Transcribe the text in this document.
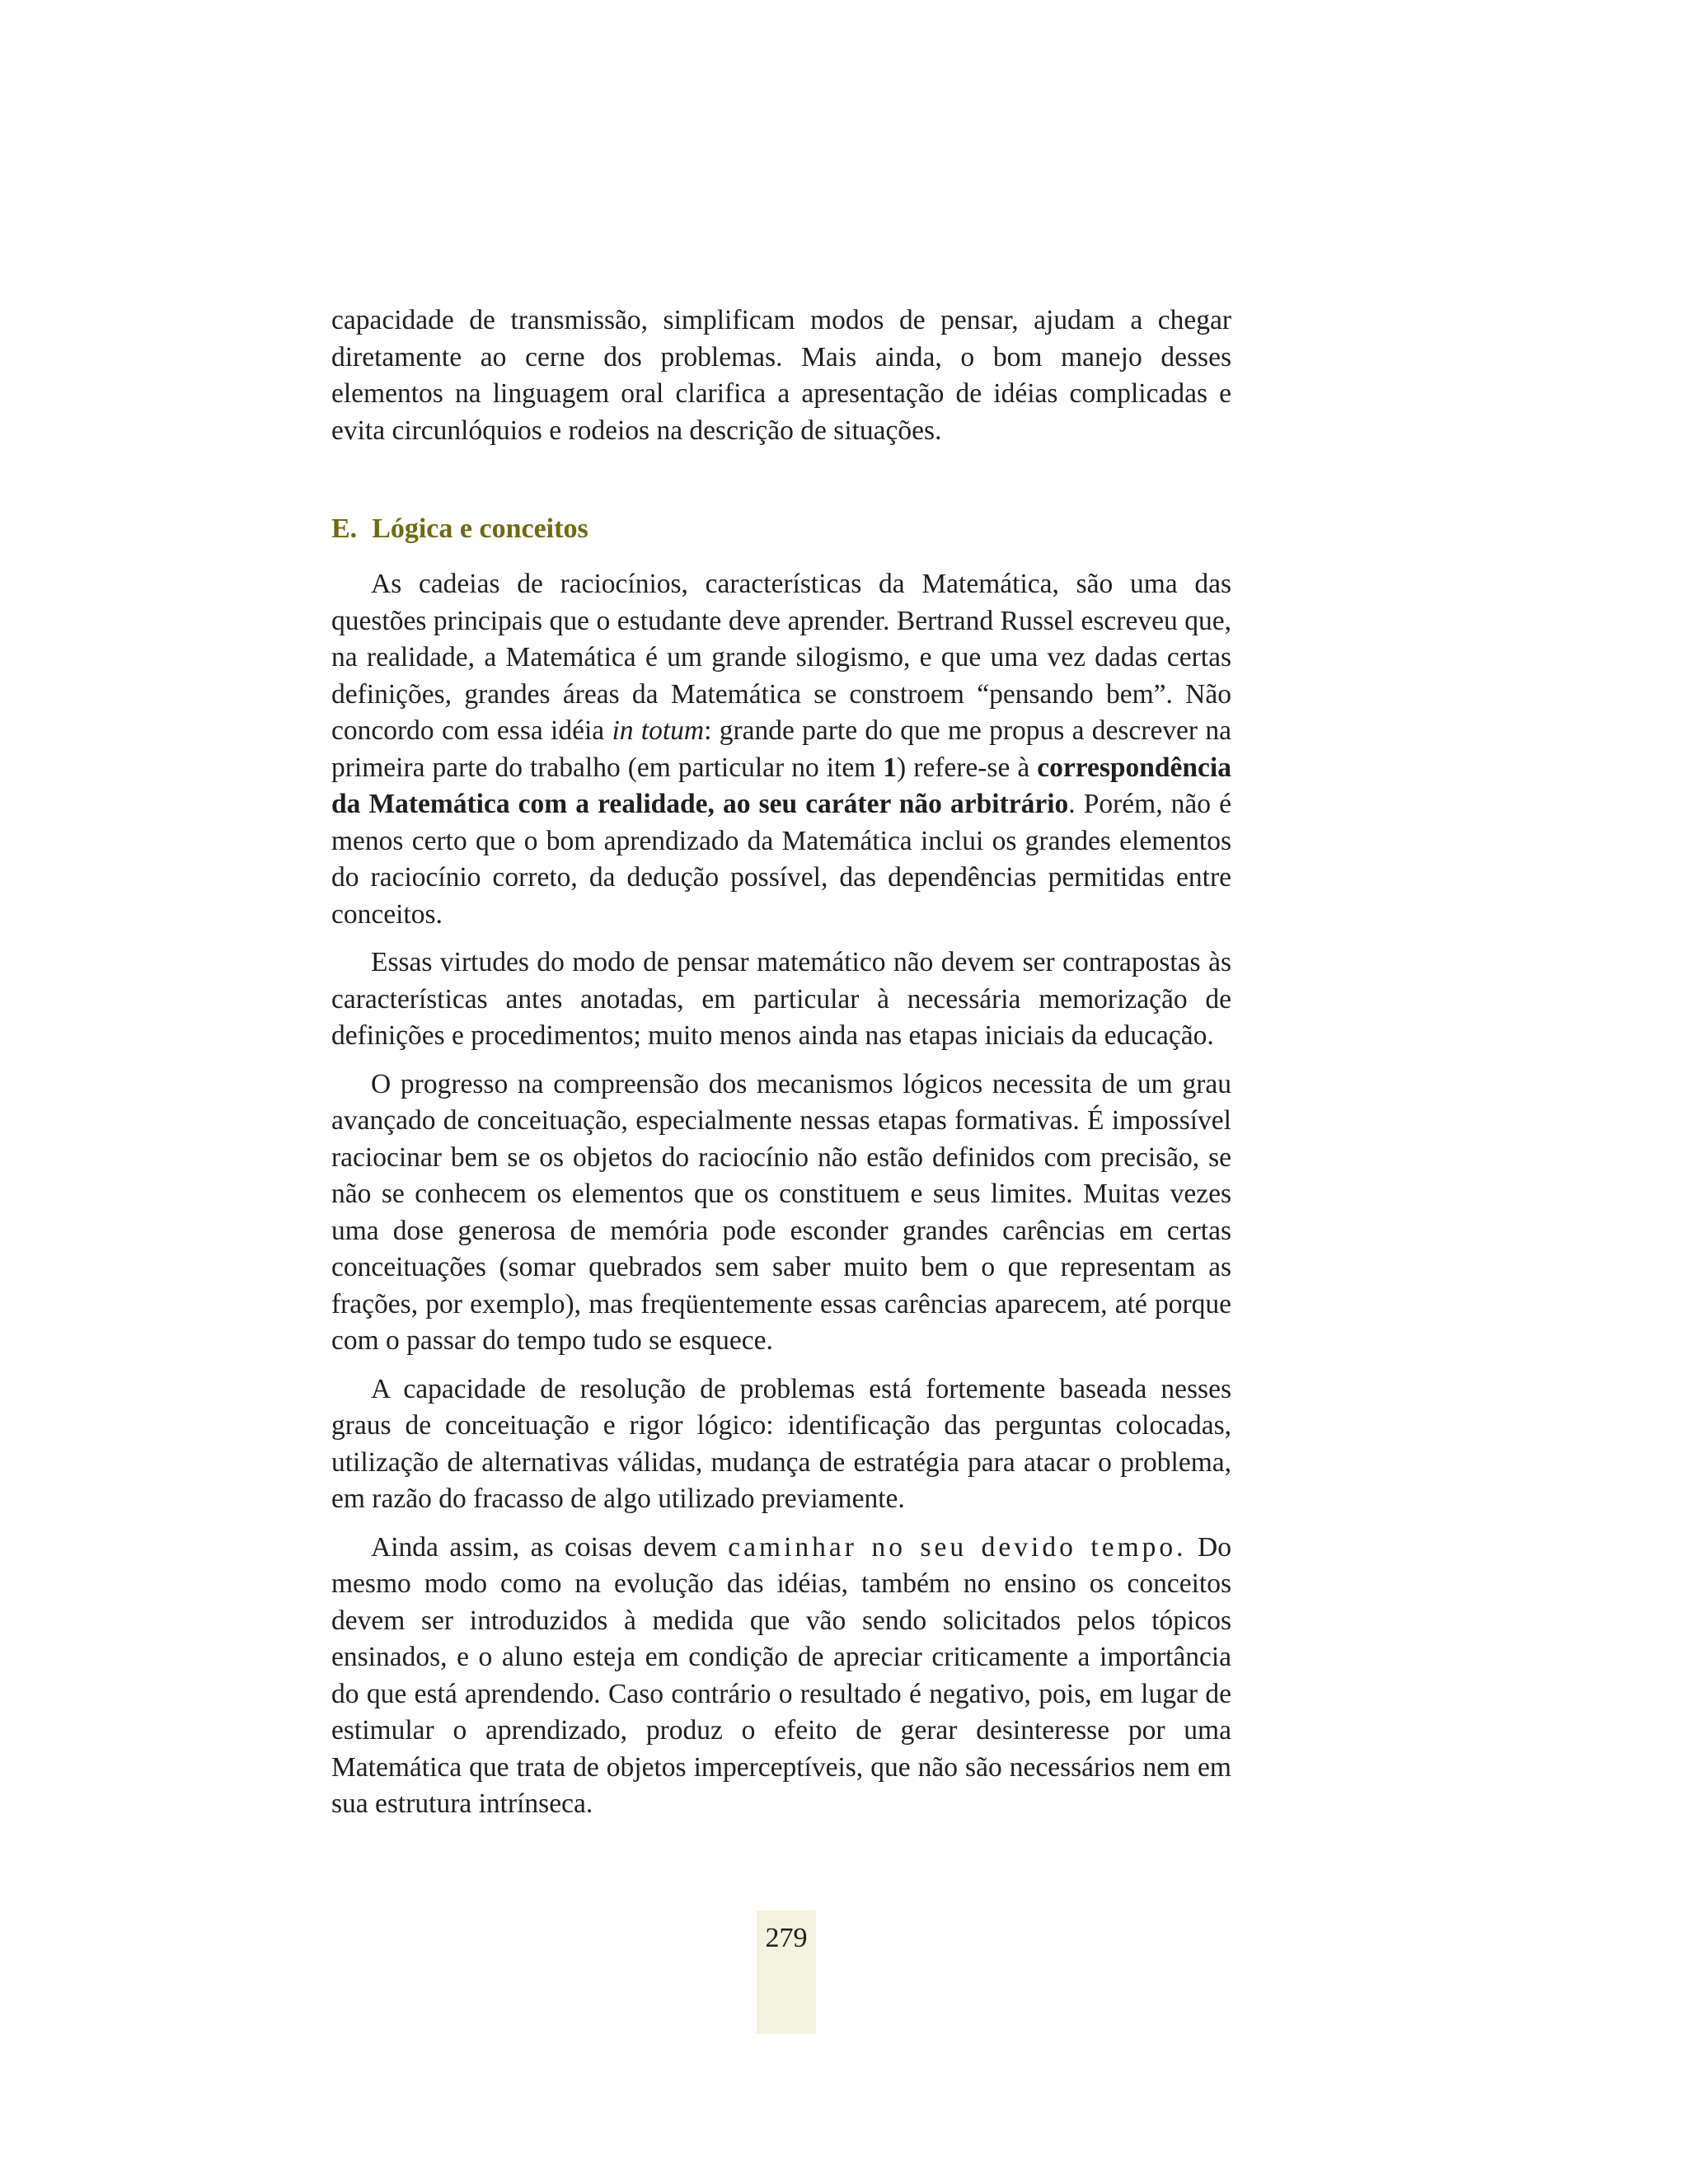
capacidade de transmissão, simplificam modos de pensar, ajudam a chegar diretamente ao cerne dos problemas. Mais ainda, o bom manejo desses elementos na linguagem oral clarifica a apresentação de idéias complicadas e evita circunlóquios e rodeios na descrição de situações.

E. Lógica e conceitos

As cadeias de raciocínios, características da Matemática, são uma das questões principais que o estudante deve aprender. Bertrand Russel escreveu que, na realidade, a Matemática é um grande silogismo, e que uma vez dadas certas definições, grandes áreas da Matemática se constroem “pensando bem”. Não concordo com essa idéia in totum: grande parte do que me propus a descrever na primeira parte do trabalho (em particular no item 1) refere-se à correspondência da Matemática com a realidade, ao seu caráter não arbitrário. Porém, não é menos certo que o bom aprendizado da Matemática inclui os grandes elementos do raciocínio correto, da dedução possível, das dependências permitidas entre conceitos.

Essas virtudes do modo de pensar matemático não devem ser contrapostas às características antes anotadas, em particular à necessária memorização de definições e procedimentos; muito menos ainda nas etapas iniciais da educação.

O progresso na compreensão dos mecanismos lógicos necessita de um grau avançado de conceituação, especialmente nessas etapas formativas. É impossível raciocinar bem se os objetos do raciocínio não estão definidos com precisão, se não se conhecem os elementos que os constituem e seus limites. Muitas vezes uma dose generosa de memória pode esconder grandes carências em certas conceituações (somar quebrados sem saber muito bem o que representam as frações, por exemplo), mas freqüentemente essas carências aparecem, até porque com o passar do tempo tudo se esquece.

A capacidade de resolução de problemas está fortemente baseada nesses graus de conceituação e rigor lógico: identificação das perguntas colocadas, utilização de alternativas válidas, mudança de estratégia para atacar o problema, em razão do fracasso de algo utilizado previamente.

Ainda assim, as coisas devem caminhar no seu devido tempo. Do mesmo modo como na evolução das idéias, também no ensino os conceitos devem ser introduzidos à medida que vão sendo solicitados pelos tópicos ensinados, e o aluno esteja em condição de apreciar criticamente a importância do que está aprendendo. Caso contrário o resultado é negativo, pois, em lugar de estimular o aprendizado, produz o efeito de gerar desinteresse por uma Matemática que trata de objetos imperceptíveis, que não são necessários nem em sua estrutura intrínseca.

279
